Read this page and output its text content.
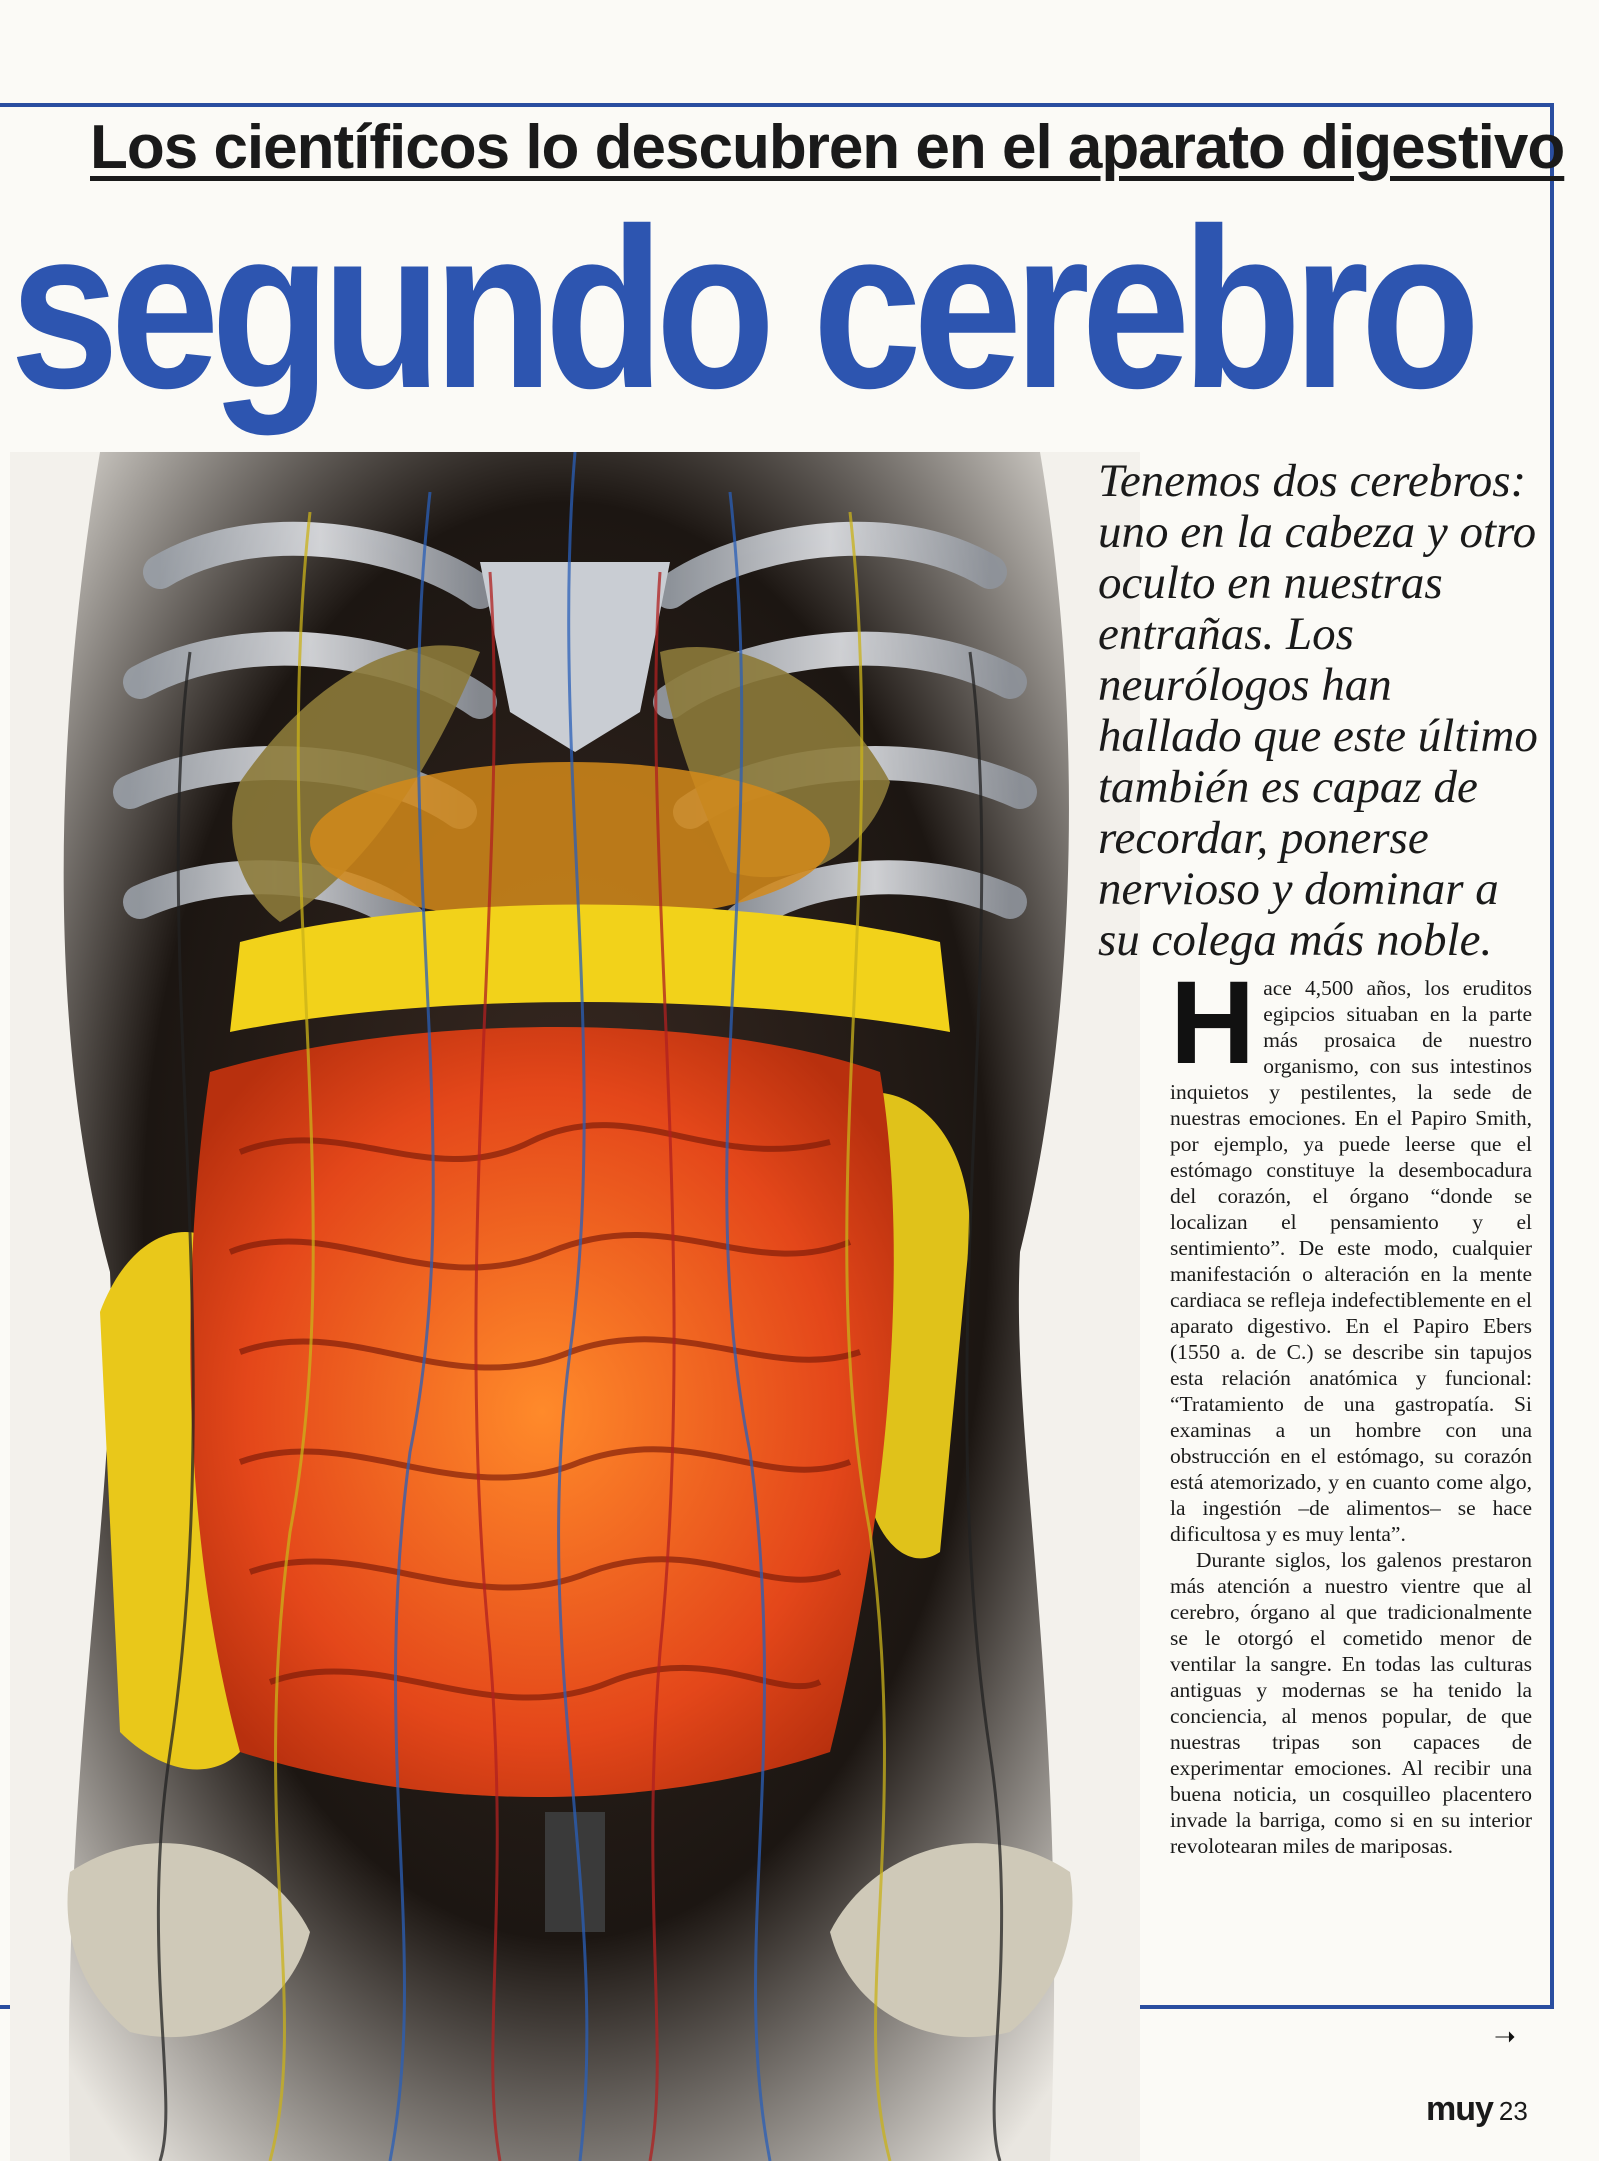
Los científicos lo descubren en el aparato digestivo
segundo cerebro
Tenemos dos cerebros: uno en la cabeza y otro oculto en nuestras entrañas. Los neurólogos han hallado que este último también es capaz de recordar, ponerse nervioso y dominar a su colega más noble.

Hace 4,500 años, los eruditos egipcios situaban en la parte más prosaica de nuestro organismo, con sus intestinos inquietos y pestilentes, la sede de nuestras emociones. En el Papiro Smith, por ejemplo, ya puede leerse que el estómago constituye la desembocadura del corazón, el órgano “donde se localizan el pensamiento y el sentimiento”. De este modo, cualquier manifestación o alteración en la mente cardiaca se refleja indefectiblemente en el aparato digestivo. En el Papiro Ebers (1550 a. de C.) se describe sin tapujos esta relación anatómica y funcional: “Tratamiento de una gastropatía. Si examinas a un hombre con una obstrucción en el estómago, su corazón está atemorizado, y en cuanto come algo, la ingestión –de alimentos– se hace dificultosa y es muy lenta”.

Durante siglos, los galenos prestaron más atención a nuestro vientre que al cerebro, órgano al que tradicionalmente se le otorgó el cometido menor de ventilar la sangre. En todas las culturas antiguas y modernas se ha tenido la conciencia, al menos popular, de que nuestras tripas son capaces de experimentar emociones. Al recibir una buena noticia, un cosquilleo placentero invade la barriga, como si en su interior revolotearan miles de mariposas.

➝
muy 23
